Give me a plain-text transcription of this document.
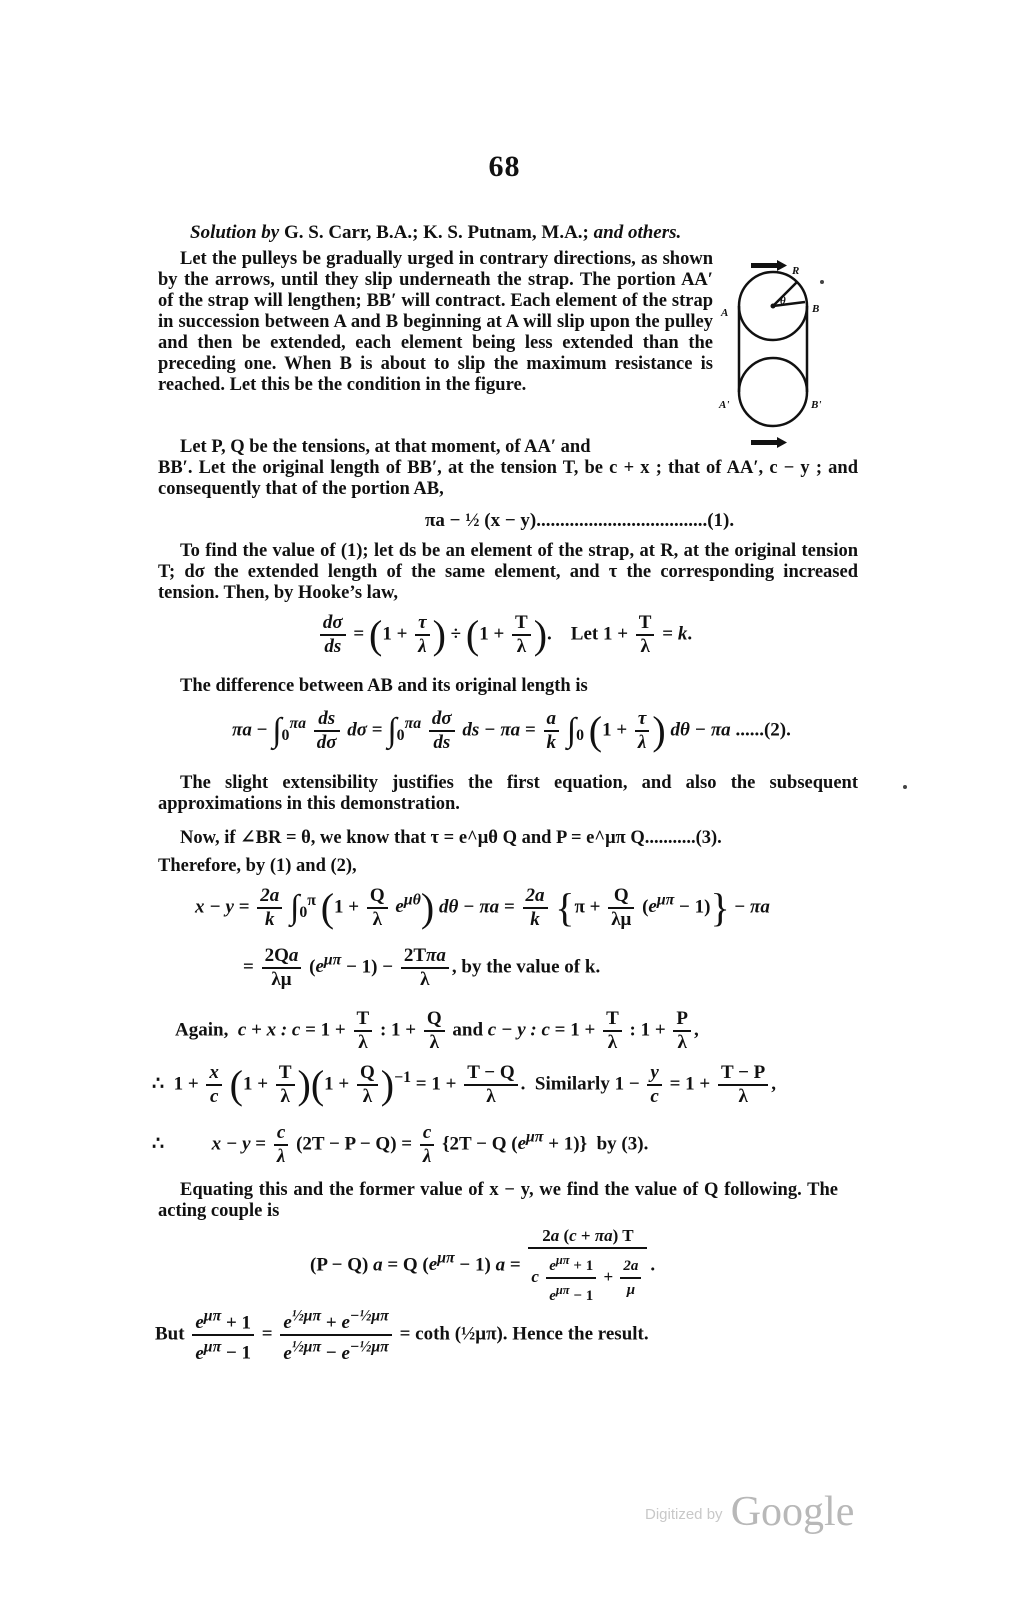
68
Solution by G. S. Carr, B.A.; K. S. Putnam, M.A.; and others.
R
B
A
A'	B'
θ

Let the pulleys be gradually urged in contrary directions, as shown by the arrows, until they slip underneath the strap. The portion AA′ of the strap will lengthen; BB′ will contract. Each element of the strap in succession between A and B beginning at A will slip upon the pulley and then be extended, each element being less extended than the preceding one. When B is about to slip the maximum resistance is reached. Let this be the condition in the figure.

Let P, Q be the tensions, at that moment, of AA′ and

BB′. Let the original length of BB′, at the tension T, be c + x ; that of AA′, c − y ; and consequently that of the portion AB,

πa − ½ (x − y)....................................(1).

To find the value of (1); let ds be an element of the strap, at R, at the original tension T; dσ the extended length of the same element, and τ the corresponding increased tension. Then, by Hooke’s law,

$\frac{d\sigma}{ds} = (1 + \frac{\tau}{\lambda}$ ) ÷ ($1 + \frac{T}{\lambda}$ ).    Let $1 + \frac{T}{\lambda} = k$.

The difference between AB and its original length is

$\pi a - \int_0^{\pi a} \frac{ds}{d\sigma}$ $d\sigma = \int_0^{\pi a} \frac{d\sigma}{ds}$ ds − $\pi a = \frac{a}{k} \int_0$ ($1 + \frac{\tau}{\lambda}$ ) dθ − πa ......(2).

The slight extensibility justifies the first equation, and also the subsequent approximations in this demonstration.

Now, if ∠BR = θ, we know that τ = e^μθ Q and P = e^μπ Q...........(3).

Therefore, by (1) and (2),

$x - y = \frac{2a}{k} \int_0^\pi$ $(1 + \frac{Q}{\lambda} e^{\mu\theta})$ $d\theta - \pi a = \frac{2a}{k} \{\pi + \frac{Q}{\lambda\mu} (e^{\mu\pi} - 1)\} - \pi a$
= $\frac{2Qa}{\lambda\mu} (e^{\mu\pi} - 1) - \frac{\text{2Tπa}}{\lambda}$ , by the value of k.
Again,  c + x : $c = 1 + \frac{T}{\lambda}$ : $1 + \frac{Q}{\lambda}$ and c − y : $c = 1 + \frac{T}{\lambda}$ : $1 + \frac{P}{\lambda}$ ,
∴  $1 + \frac{x}{c} (1 + \frac{T}{\lambda} )(1 + \frac{Q}{\lambda} )^{-1} = 1 + \frac{T - Q}{\lambda}$ .  Similarly $1 - \frac{y}{c} = 1 + \frac{T - P}{\lambda}$ ,
∴          $x - y = \frac{c}{\lambda} (2T - P - Q) = \frac{c}{\lambda} \{2T - Q$ $(e^{\mu\pi} + 1)$}  by (3).

Equating this and the former value of x − y, we find the value of Q following. The acting couple is

(P − Q) a = Q $(e^{\mu\pi} - 1) a = \frac{2a (c + \pi a) T}{c \frac{e^{\mu\pi} + 1}{e^{\mu\pi} - 1} + \frac{2a}{\mu}}$ .
But $\frac{e^{\mu\pi} + 1}{e^{\mu\pi} - 1} = \frac{e^{\frac{1}{2}\mu\pi} + e^{-\frac{1}{2}\mu\pi}}{e^{\frac{1}{2}\mu\pi} - e^{-\frac{1}{2}\mu\pi}} = \cot h$ (½μπ). Hence the result.
Digitized by Google
